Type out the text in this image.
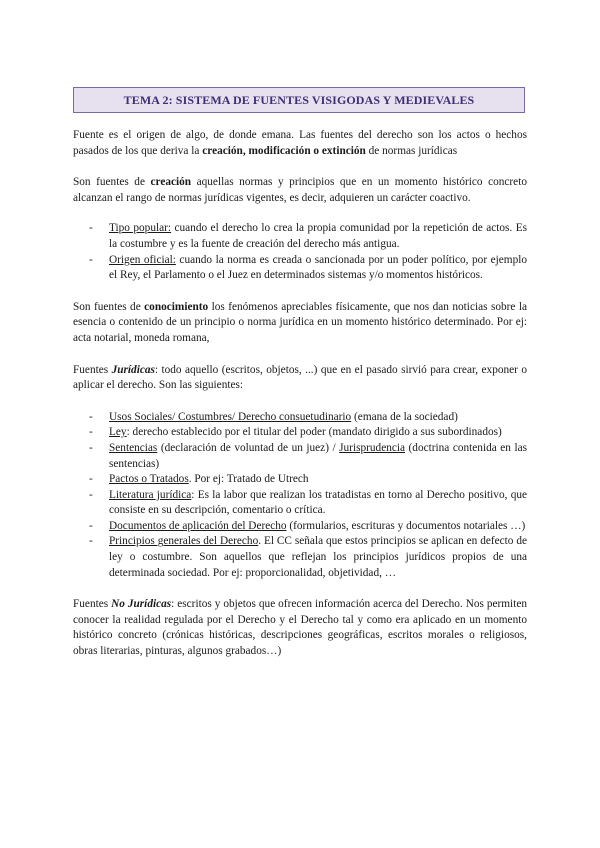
TEMA 2: SISTEMA DE FUENTES VISIGODAS Y MEDIEVALES

Fuente es el origen de algo, de donde emana. Las fuentes del derecho son los actos o hechos pasados de los que deriva la creación, modificación o extinción de normas jurídicas

Son fuentes de creación aquellas normas y principios que en un momento histórico concreto alcanzan el rango de normas jurídicas vigentes, es decir, adquieren un carácter coactivo.

- Tipo popular: cuando el derecho lo crea la propia comunidad por la repetición de actos. Es la costumbre y es la fuente de creación del derecho más antigua.
- Origen oficial: cuando la norma es creada o sancionada por un poder político, por ejemplo el Rey, el Parlamento o el Juez en determinados sistemas y/o momentos históricos.

Son fuentes de conocimiento los fenómenos apreciables físicamente, que nos dan noticias sobre la esencia o contenido de un principio o norma jurídica en un momento histórico determinado. Por ej: acta notarial, moneda romana,

Fuentes Jurídicas: todo aquello (escritos, objetos, ...) que en el pasado sirvió para crear, exponer o aplicar el derecho. Son las siguientes:

- Usos Sociales/ Costumbres/ Derecho consuetudinario (emana de la sociedad)
- Ley: derecho establecido por el titular del poder (mandato dirigido a sus subordinados)
- Sentencias (declaración de voluntad de un juez) / Jurisprudencia (doctrina contenida en las sentencias)
- Pactos o Tratados. Por ej: Tratado de Utrech
- Literatura jurídica: Es la labor que realizan los tratadistas en torno al Derecho positivo, que consiste en su descripción, comentario o crítica.
- Documentos de aplicación del Derecho (formularios, escrituras y documentos notariales …)
- Principios generales del Derecho. El CC señala que estos principios se aplican en defecto de ley o costumbre. Son aquellos que reflejan los principios jurídicos propios de una determinada sociedad. Por ej: proporcionalidad, objetividad, …

Fuentes No Jurídicas: escritos y objetos que ofrecen información acerca del Derecho. Nos permiten conocer la realidad regulada por el Derecho y el Derecho tal y como era aplicado en un momento histórico concreto (crónicas históricas, descripciones geográficas, escritos morales o religiosos, obras literarias, pinturas, algunos grabados…)
